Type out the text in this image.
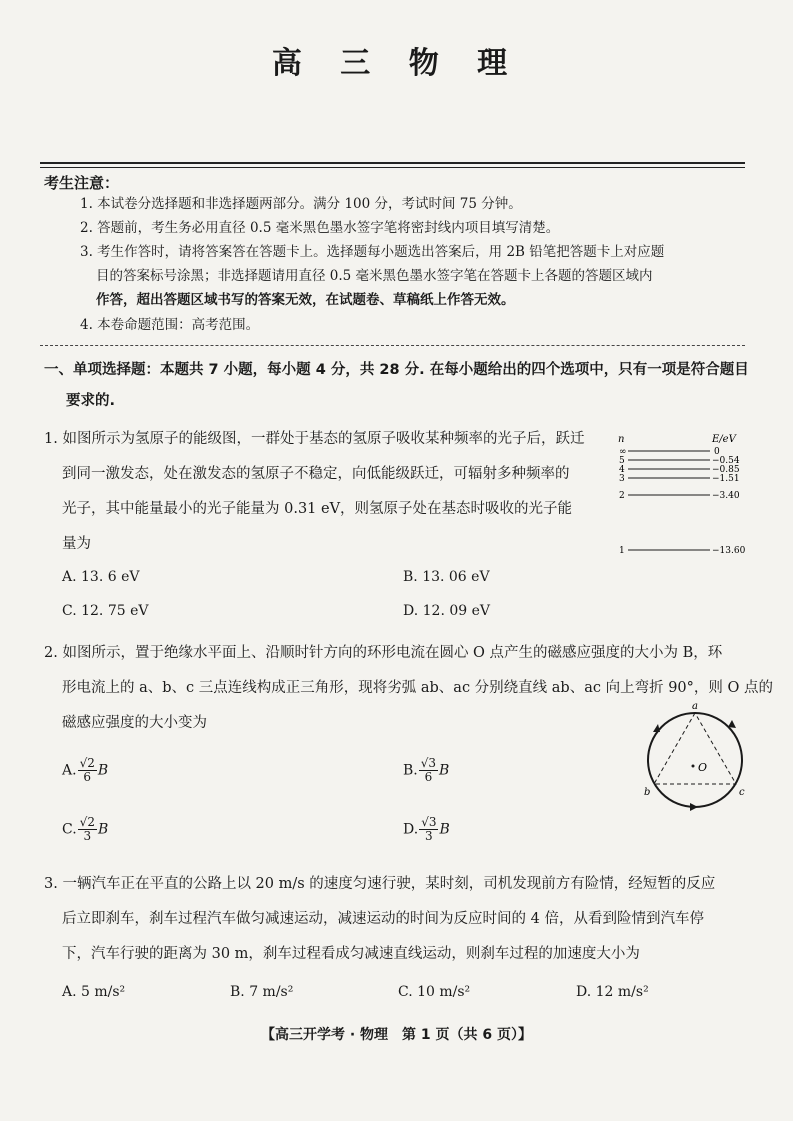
高 三 物 理
考生注意：
1. 本试卷分选择题和非选择题两部分。满分 100 分，考试时间 75 分钟。
2. 答题前，考生务必用直径 0.5 毫米黑色墨水签字笔将密封线内项目填写清楚。
3. 考生作答时，请将答案答在答题卡上。选择题每小题选出答案后，用 2B 铅笔把答题卡上对应题
目的答案标号涂黑；非选择题请用直径 0.5 毫米黑色墨水签字笔在答题卡上各题的答题区域内
作答，超出答题区域书写的答案无效，在试题卷、草稿纸上作答无效。
4. 本卷命题范围：高考范围。
一、单项选择题：本题共 7 小题，每小题 4 分，共 28 分. 在每小题给出的四个选项中，只有一项是符合题目
要求的.
1. 如图所示为氢原子的能级图，一群处于基态的氢原子吸收某种频率的光子后，跃迁
到同一激发态，处在激发态的氢原子不稳定，向低能级跃迁，可辐射多种频率的
光子，其中能量最小的光子能量为 0.31 eV，则氢原子处在基态时吸收的光子能
量为
A. 13. 6 eV	B. 13. 06 eV
C. 12. 75 eV	D. 12. 09 eV
n	E/eV
∞	0
5	−0.54
4	−0.85
3	−1.51
2	−3.40
1	−13.60
2. 如图所示，置于绝缘水平面上、沿顺时针方向的环形电流在圆心 O 点产生的磁感应强度的大小为 B，环
形电流上的 a、b、c 三点连线构成正三角形，现将劣弧 ab、ac 分别绕直线 ab、ac 向上弯折 90°，则 O 点的
磁感应强度的大小变为
A. $\frac{√2}{6}$ B	B. $\frac{√3}{6}$ B
C. $\frac{√2}{3}$ B	D. $\frac{√3}{3}$ B
a
b	c
O
3. 一辆汽车正在平直的公路上以 20 m/s 的速度匀速行驶，某时刻，司机发现前方有险情，经短暂的反应
后立即刹车，刹车过程汽车做匀减速运动，减速运动的时间为反应时间的 4 倍，从看到险情到汽车停
下，汽车行驶的距离为 30 m，刹车过程看成匀减速直线运动，则刹车过程的加速度大小为
A. 5 m/s²	B. 7 m/s²	C. 10 m/s²	D. 12 m/s²
【高三开学考 · 物理　第 1 页（共 6 页）】
